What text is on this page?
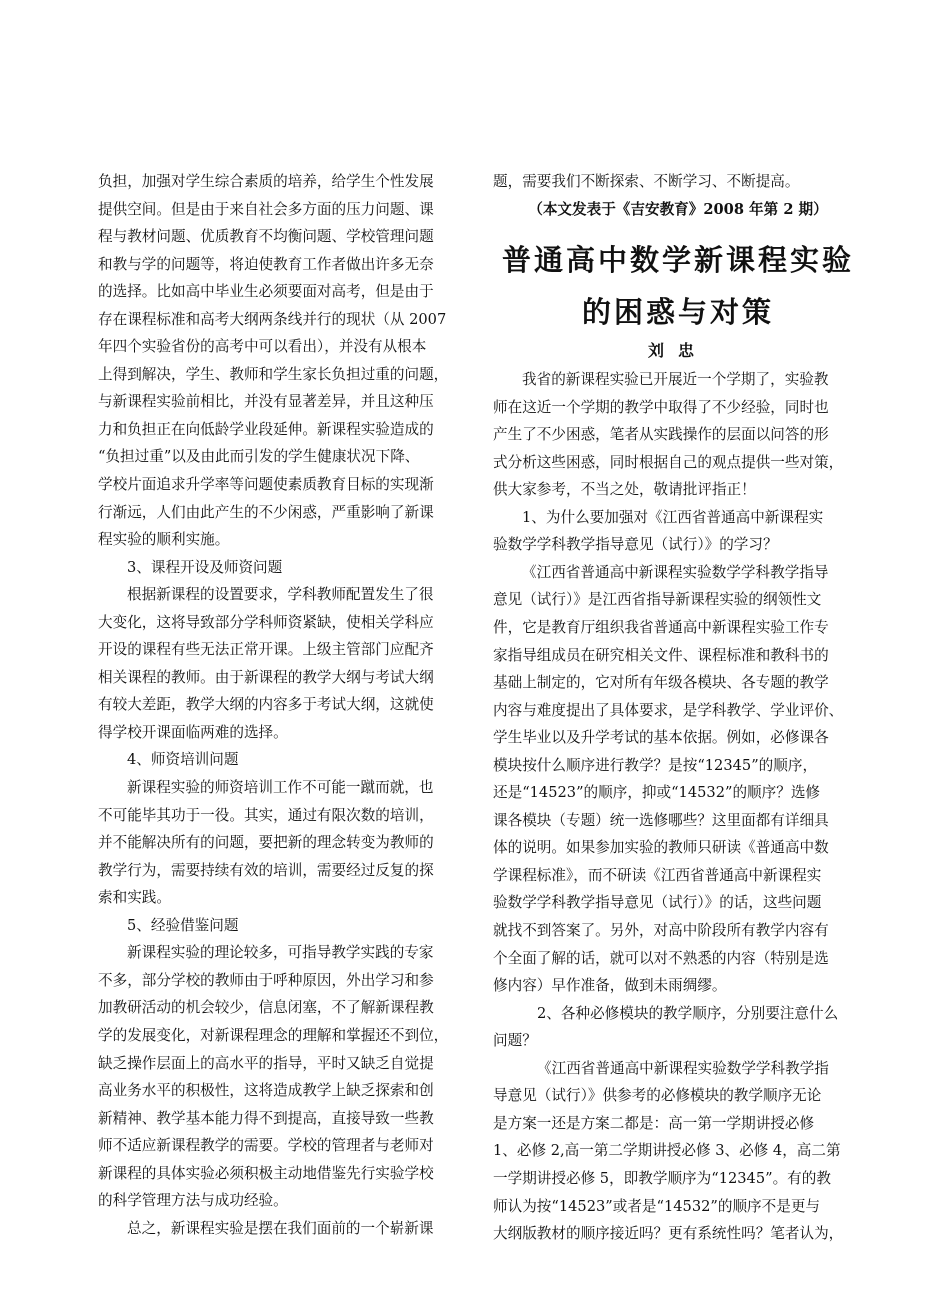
负担，加强对学生综合素质的培养，给学生个性发展
提供空间。但是由于来自社会多方面的压力问题、课
程与教材问题、优质教育不均衡问题、学校管理问题
和教与学的问题等，将迫使教育工作者做出许多无奈
的选择。比如高中毕业生必须要面对高考，但是由于
存在课程标准和高考大纲两条线并行的现状（从 2007
年四个实验省份的高考中可以看出），并没有从根本
上得到解决，学生、教师和学生家长负担过重的问题，
与新课程实验前相比，并没有显著差异，并且这种压
力和负担正在向低龄学业段延伸。新课程实验造成的
“负担过重”以及由此而引发的学生健康状况下降、
学校片面追求升学率等问题使素质教育目标的实现渐
行渐远，人们由此产生的不少闲惑，严重影响了新课
程实验的顺利实施。
3、课程开设及师资问题
根据新课程的设置要求，学科教师配置发生了很
大变化，这将导致部分学科师资紧缺，使相关学科应
开设的课程有些无法正常开课。上级主管部门应配齐
相关课程的教师。由于新课程的教学大纲与考试大纲
有较大差距，教学大纲的内容多于考试大纲，这就使
得学校开课面临两难的选择。
4、师资培训问题
新课程实验的师资培训工作不可能一蹴而就，也
不可能毕其功于一役。其实，通过有限次数的培训，
并不能解决所有的问题，要把新的理念转变为教师的
教学行为，需要持续有效的培训，需要经过反复的探
索和实践。
5、经验借鉴问题
新课程实验的理论较多，可指导教学实践的专家
不多，部分学校的教师由于呼种原因，外出学习和参
加教研活动的机会较少，信息闭塞，不了解新课程教
学的发展变化，对新课程理念的理解和掌握还不到位，
缺乏操作层面上的高水平的指导，平时又缺乏自觉提
高业务水平的积极性，这将造成教学上缺乏探索和创
新精神、教学基本能力得不到提高，直接导致一些教
师不适应新课程教学的需要。学校的管理者与老师对
新课程的具体实验必须积极主动地借鉴先行实验学校
的科学管理方法与成功经验。
总之，新课程实验是摆在我们面前的一个崭新课
题，需要我们不断探索、不断学习、不断提高。
（本文发表于《吉安教育》2008 年第 2 期）
普通高中数学新课程实验
的困惑与对策
刘忠
我省的新课程实验已开展近一个学期了，实验教
师在这近一个学期的教学中取得了不少经验，同时也
产生了不少困惑，笔者从实践操作的层面以问答的形
式分析这些困惑，同时根据自己的观点提供一些对策，
供大家参考，不当之处，敬请批评指正！
1、为什么要加强对《江西省普通高中新课程实
验数学学科教学指导意见（试行）》的学习？
《江西省普通高中新课程实验数学学科教学指导
意见（试行）》是江西省指导新课程实验的纲领性文
件，它是教育厅组织我省普通高中新课程实验工作专
家指导组成员在研究相关文件、课程标准和教科书的
基础上制定的，它对所有年级各模块、各专题的教学
内容与难度提出了具体要求，是学科教学、学业评价、
学生毕业以及升学考试的基本依据。例如，必修课各
模块按什么顺序进行教学？是按“12345”的顺序，
还是“14523”的顺序，抑或“14532”的顺序？选修
课各模块（专题）统一选修哪些？这里面都有详细具
体的说明。如果参加实验的教师只研读《普通高中数
学课程标准》，而不研读《江西省普通高中新课程实
验数学学科教学指导意见（试行）》的话，这些问题
就找不到答案了。另外，对高中阶段所有教学内容有
个全面了解的话，就可以对不熟悉的内容（特别是选
修内容）早作准备，做到未雨绸缪。
2、各种必修模块的教学顺序，分别要注意什么
问题？
《江西省普通高中新课程实验数学学科教学指
导意见（试行）》供参考的必修模块的教学顺序无论
是方案一还是方案二都是：高一第一学期讲授必修
1、必修 2,高一第二学期讲授必修 3、必修 4，高二第
一学期讲授必修 5，即教学顺序为“12345”。有的教
师认为按“14523”或者是“14532”的顺序不是更与
大纲版教材的顺序接近吗？更有系统性吗？笔者认为，
